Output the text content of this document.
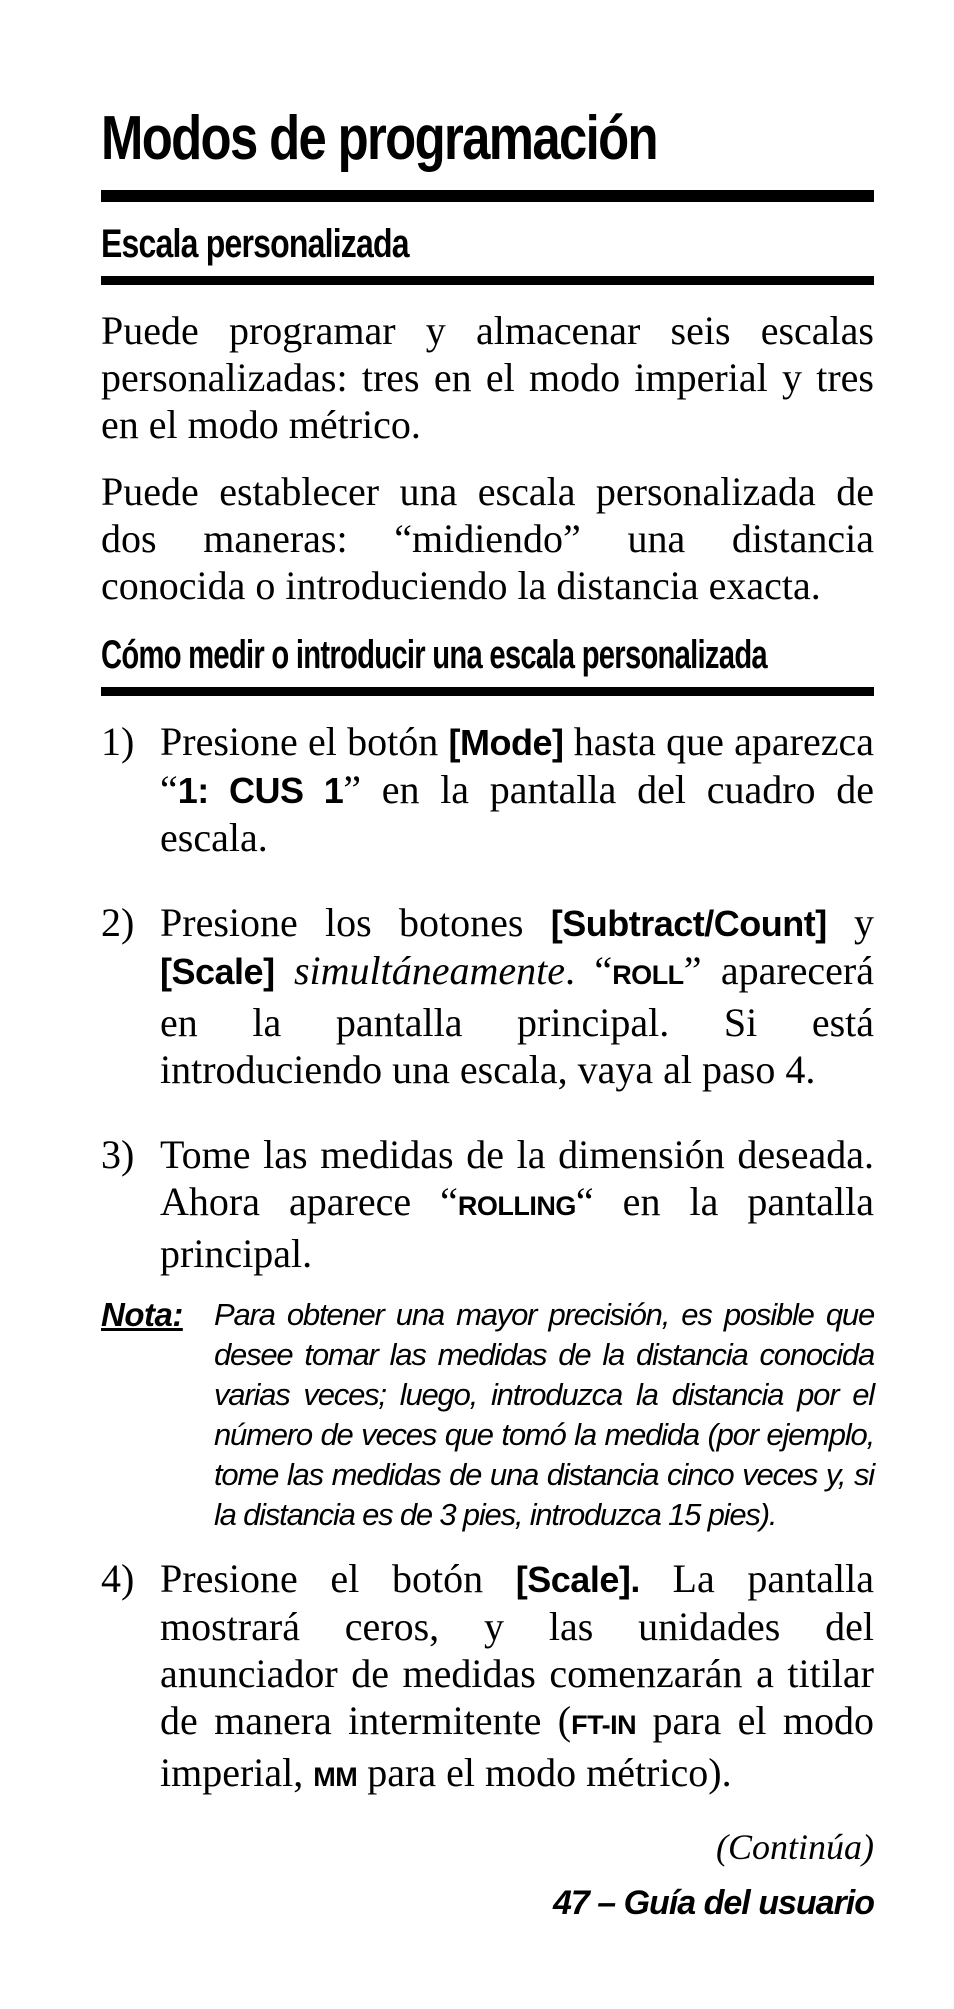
Modos de programación
Escala personalizada

Puede programar y almacenar seis escalas personalizadas: tres en el modo imperial y tres en el modo métrico.

Puede establecer una escala personalizada de dos maneras: “midiendo” una distancia conocida o introduciendo la distancia exacta.

Cómo medir o introducir una escala personalizada
1) Presione el botón [Mode] hasta que aparezca “1: CUS 1” en la pantalla del cuadro de escala.
2) Presione los botones [Subtract/Count] y [Scale] simultáneamente. “ROLL” aparecerá en la pantalla principal. Si está introduciendo una escala, vaya al paso 4.
3) Tome las medidas de la dimensión deseada. Ahora aparece “ROLLING“ en la pantalla principal.
Nota: Para obtener una mayor precisión, es posible que desee tomar las medidas de la distancia conocida varias veces; luego, introduzca la distancia por el número de veces que tomó la medida (por ejemplo, tome las medidas de una distancia cinco veces y, si la distancia es de 3 pies, introduzca 15 pies).
4) Presione el botón [Scale]. La pantalla mostrará ceros, y las unidades del anunciador de medidas comenzarán a titilar de manera intermitente (FT-IN para el modo imperial, MM para el modo métrico).
(Continúa)
47 – Guía del usuario
